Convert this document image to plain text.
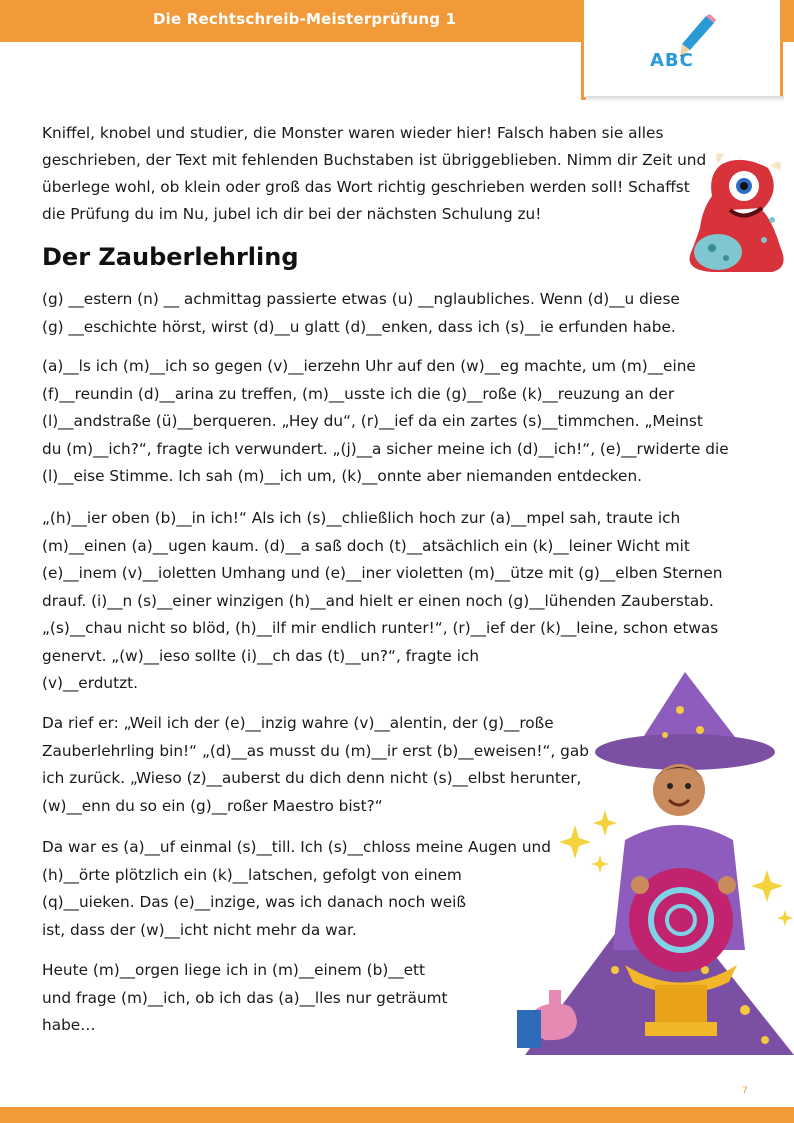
Die Rechtschreib-Meisterprüfung 1
ABC
Kniffel, knobel und studier, die Monster waren wieder hier! Falsch haben sie alles
geschrieben, der Text mit fehlenden Buchstaben ist übriggeblieben. Nimm dir Zeit und
überlege wohl, ob klein oder groß das Wort richtig geschrieben werden soll! Schaffst
die Prüfung du im Nu, jubel ich dir bei der nächsten Schulung zu!
Der Zauberlehrling
(g) __estern (n) __ achmittag passierte etwas (u) __nglaubliches. Wenn (d)__u diese
(g) __eschichte hörst, wirst (d)__u glatt (d)__enken, dass ich (s)__ie erfunden habe.
(a)__ls ich (m)__ich so gegen (v)__ierzehn Uhr auf den (w)__eg machte, um (m)__eine
(f)__reundin (d)__arina zu treffen, (m)__usste ich die (g)__roße (k)__reuzung an der
(l)__andstraße (ü)__berqueren. „Hey du“, (r)__ief da ein zartes (s)__timmchen. „Meinst
du (m)__ich?“, fragte ich verwundert. „(j)__a sicher meine ich (d)__ich!“, (e)__rwiderte die
(l)__eise Stimme. Ich sah (m)__ich um, (k)__onnte aber niemanden entdecken.
„(h)__ier oben (b)__in ich!“ Als ich (s)__chließlich hoch zur (a)__mpel sah, traute ich
(m)__einen (a)__ugen kaum. (d)__a saß doch (t)__atsächlich ein (k)__leiner Wicht mit
(e)__inem (v)__ioletten Umhang und (e)__iner violetten (m)__ütze mit (g)__elben Sternen
drauf. (i)__n (s)__einer winzigen (h)__and hielt er einen noch (g)__lühenden Zauberstab.
„(s)__chau nicht so blöd, (h)__ilf mir endlich runter!“, (r)__ief der (k)__leine, schon etwas
genervt. „(w)__ieso sollte (i)__ch das (t)__un?“, fragte ich
(v)__erdutzt.
Da rief er: „Weil ich der (e)__inzig wahre (v)__alentin, der (g)__roße
Zauberlehrling bin!“ „(d)__as musst du (m)__ir erst (b)__eweisen!“, gab
ich zurück. „Wieso (z)__auberst du dich denn nicht (s)__elbst herunter,
(w)__enn du so ein (g)__roßer Maestro bist?“
Da war es (a)__uf einmal (s)__till. Ich (s)__chloss meine Augen und
(h)__örte plötzlich ein (k)__latschen, gefolgt von einem
(q)__uieken. Das (e)__inzige, was ich danach noch weiß
ist, dass der (w)__icht nicht mehr da war.
Heute (m)__orgen liege ich in (m)__einem (b)__ett
und frage (m)__ich, ob ich das (a)__lles nur geträumt
habe…
7
